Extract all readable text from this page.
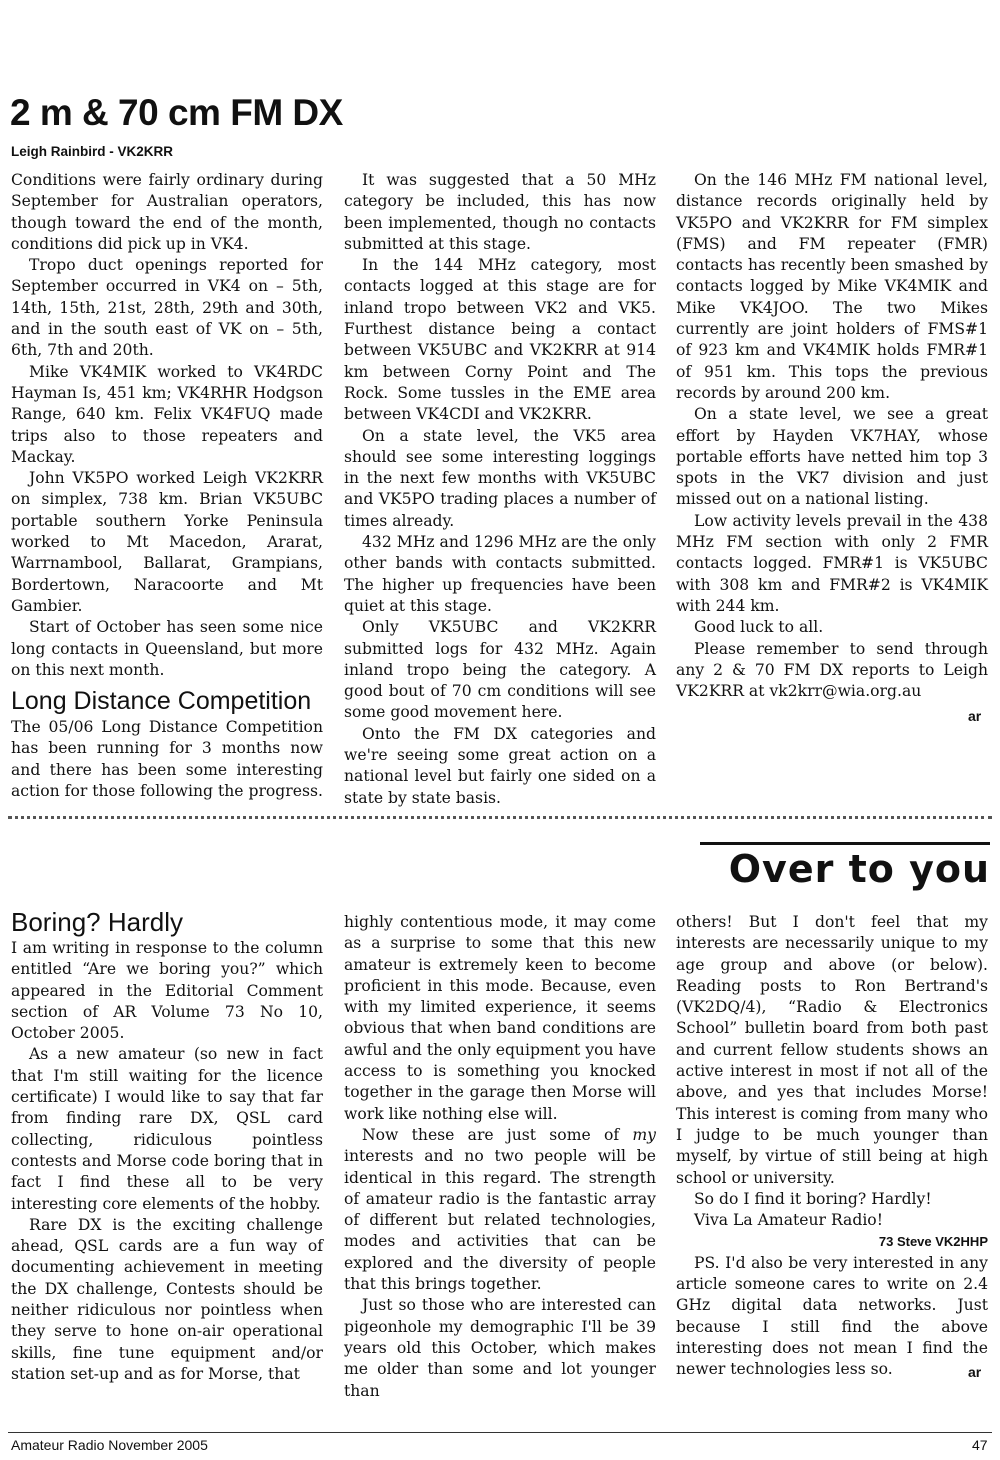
2 m & 70 cm FM DX
Leigh Rainbird - VK2KRR

Conditions were fairly ordinary during September for Australian operators, though toward the end of the month, conditions did pick up in VK4.

Tropo duct openings reported for September occurred in VK4 on – 5th, 14th, 15th, 21st, 28th, 29th and 30th, and in the south east of VK on – 5th, 6th, 7th and 20th.

Mike VK4MIK worked to VK4RDC Hayman Is, 451 km; VK4RHR Hodgson Range, 640 km. Felix VK4FUQ made trips also to those repeaters and Mackay.

John VK5PO worked Leigh VK2KRR on simplex, 738 km. Brian VK5UBC portable southern Yorke Peninsula worked to Mt Macedon, Ararat, Warrnambool, Ballarat, Grampians, Bordertown, Naracoorte and Mt Gambier.

Start of October has seen some nice long contacts in Queensland, but more on this next month.

Long Distance Competition

The 05/06 Long Distance Competition has been running for 3 months now and there has been some interesting action for those following the progress.

It was suggested that a 50 MHz category be included, this has now been implemented, though no contacts submitted at this stage.

In the 144 MHz category, most contacts logged at this stage are for inland tropo between VK2 and VK5. Furthest distance being a contact between VK5UBC and VK2KRR at 914 km between Corny Point and The Rock. Some tussles in the EME area between VK4CDI and VK2KRR.

On a state level, the VK5 area should see some interesting loggings in the next few months with VK5UBC and VK5PO trading places a number of times already.

432 MHz and 1296 MHz are the only other bands with contacts submitted. The higher up frequencies have been quiet at this stage.

Only VK5UBC and VK2KRR submitted logs for 432 MHz. Again inland tropo being the category. A good bout of 70 cm conditions will see some good movement here.

Onto the FM DX categories and we're seeing some great action on a national level but fairly one sided on a state by state basis.

On the 146 MHz FM national level, distance records originally held by VK5PO and VK2KRR for FM simplex (FMS) and FM repeater (FMR) contacts has recently been smashed by contacts logged by Mike VK4MIK and Mike VK4JOO. The two Mikes currently are joint holders of FMS#1 of 923 km and VK4MIK holds FMR#1 of 951 km. This tops the previous records by around 200 km.

On a state level, we see a great effort by Hayden VK7HAY, whose portable efforts have netted him top 3 spots in the VK7 division and just missed out on a national listing.

Low activity levels prevail in the 438 MHz FM section with only 2 FMR contacts logged. FMR#1 is VK5UBC with 308 km and FMR#2 is VK4MIK with 244 km.

Good luck to all.

Please remember to send through any 2 & 70 FM DX reports to Leigh VK2KRR at vk2krr@wia.org.au

ar
Over to you
Boring? Hardly

I am writing in response to the column entitled “Are we boring you?” which appeared in the Editorial Comment section of AR Volume 73 No 10, October 2005.

As a new amateur (so new in fact that I'm still waiting for the licence certificate) I would like to say that far from finding rare DX, QSL card collecting, ridiculous pointless contests and Morse code boring that in fact I find these all to be very interesting core elements of the hobby.

Rare DX is the exciting challenge ahead, QSL cards are a fun way of documenting achievement in meeting the DX challenge, Contests should be neither ridiculous nor pointless when they serve to hone on-air operational skills, fine tune equipment and/or station set-up and as for Morse, that

highly contentious mode, it may come as a surprise to some that this new amateur is extremely keen to become proficient in this mode. Because, even with my limited experience, it seems obvious that when band conditions are awful and the only equipment you have access to is something you knocked together in the garage then Morse will work like nothing else will.

Now these are just some of my interests and no two people will be identical in this regard. The strength of amateur radio is the fantastic array of different but related technologies, modes and activities that can be explored and the diversity of people that this brings together.

Just so those who are interested can pigeonhole my demographic I'll be 39 years old this October, which makes me older than some and lot younger than

others! But I don't feel that my interests are necessarily unique to my age group and above (or below). Reading posts to Ron Bertrand's (VK2DQ/4), “Radio & Electronics School” bulletin board from both past and current fellow students shows an active interest in most if not all of the above, and yes that includes Morse! This interest is coming from many who I judge to be much younger than myself, by virtue of still being at high school or university.

So do I find it boring? Hardly!

Viva La Amateur Radio!

73 Steve VK2HHP

PS. I'd also be very interested in any article someone cares to write on 2.4 GHz digital data networks. Just because I still find the above interesting does not mean I find the newer technologies less so.	ar
Amateur Radio November 2005	47
